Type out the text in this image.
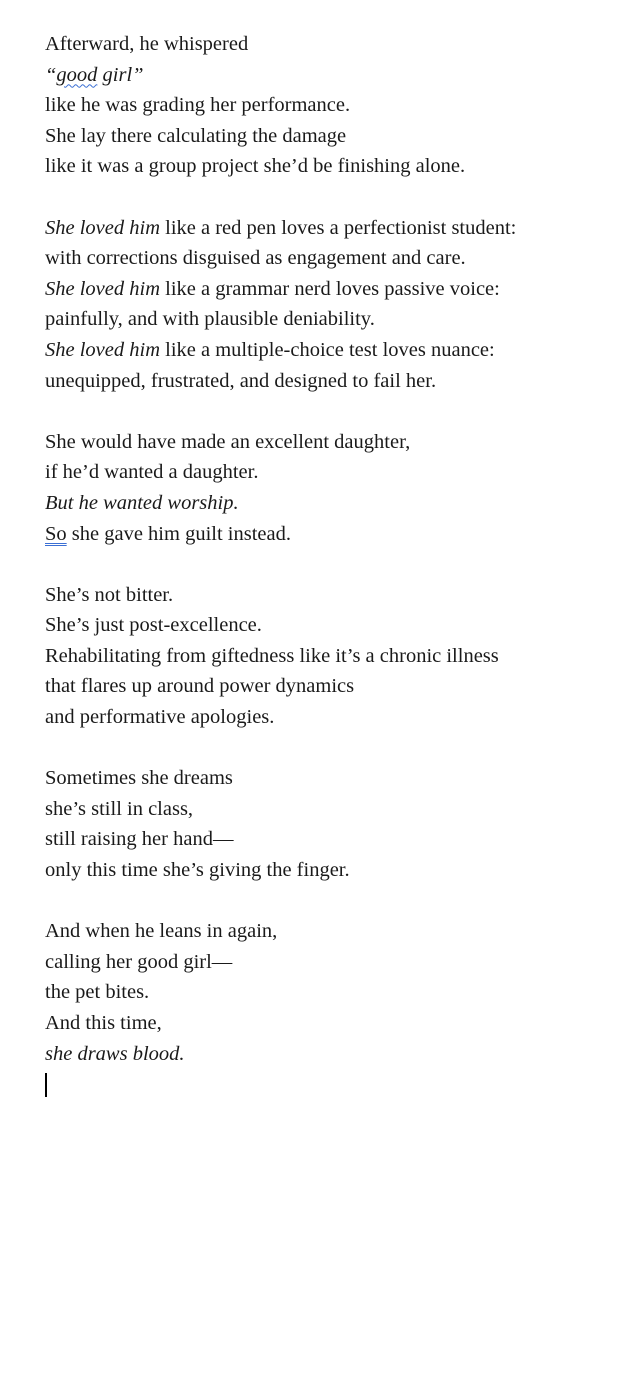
Afterward, he whispered
“good girl”
like he was grading her performance.
She lay there calculating the damage
like it was a group project she’d be finishing alone.
She loved him like a red pen loves a perfectionist student:
with corrections disguised as engagement and care.
She loved him like a grammar nerd loves passive voice:
painfully, and with plausible deniability.
She loved him like a multiple-choice test loves nuance:
unequipped, frustrated, and designed to fail her.
She would have made an excellent daughter,
if he’d wanted a daughter.
But he wanted worship.
So she gave him guilt instead.
She’s not bitter.
She’s just post-excellence.
Rehabilitating from giftedness like it’s a chronic illness
that flares up around power dynamics
and performative apologies.
Sometimes she dreams
she’s still in class,
still raising her hand—
only this time she’s giving the finger.
And when he leans in again,
calling her good girl—
the pet bites.
And this time,
she draws blood.
